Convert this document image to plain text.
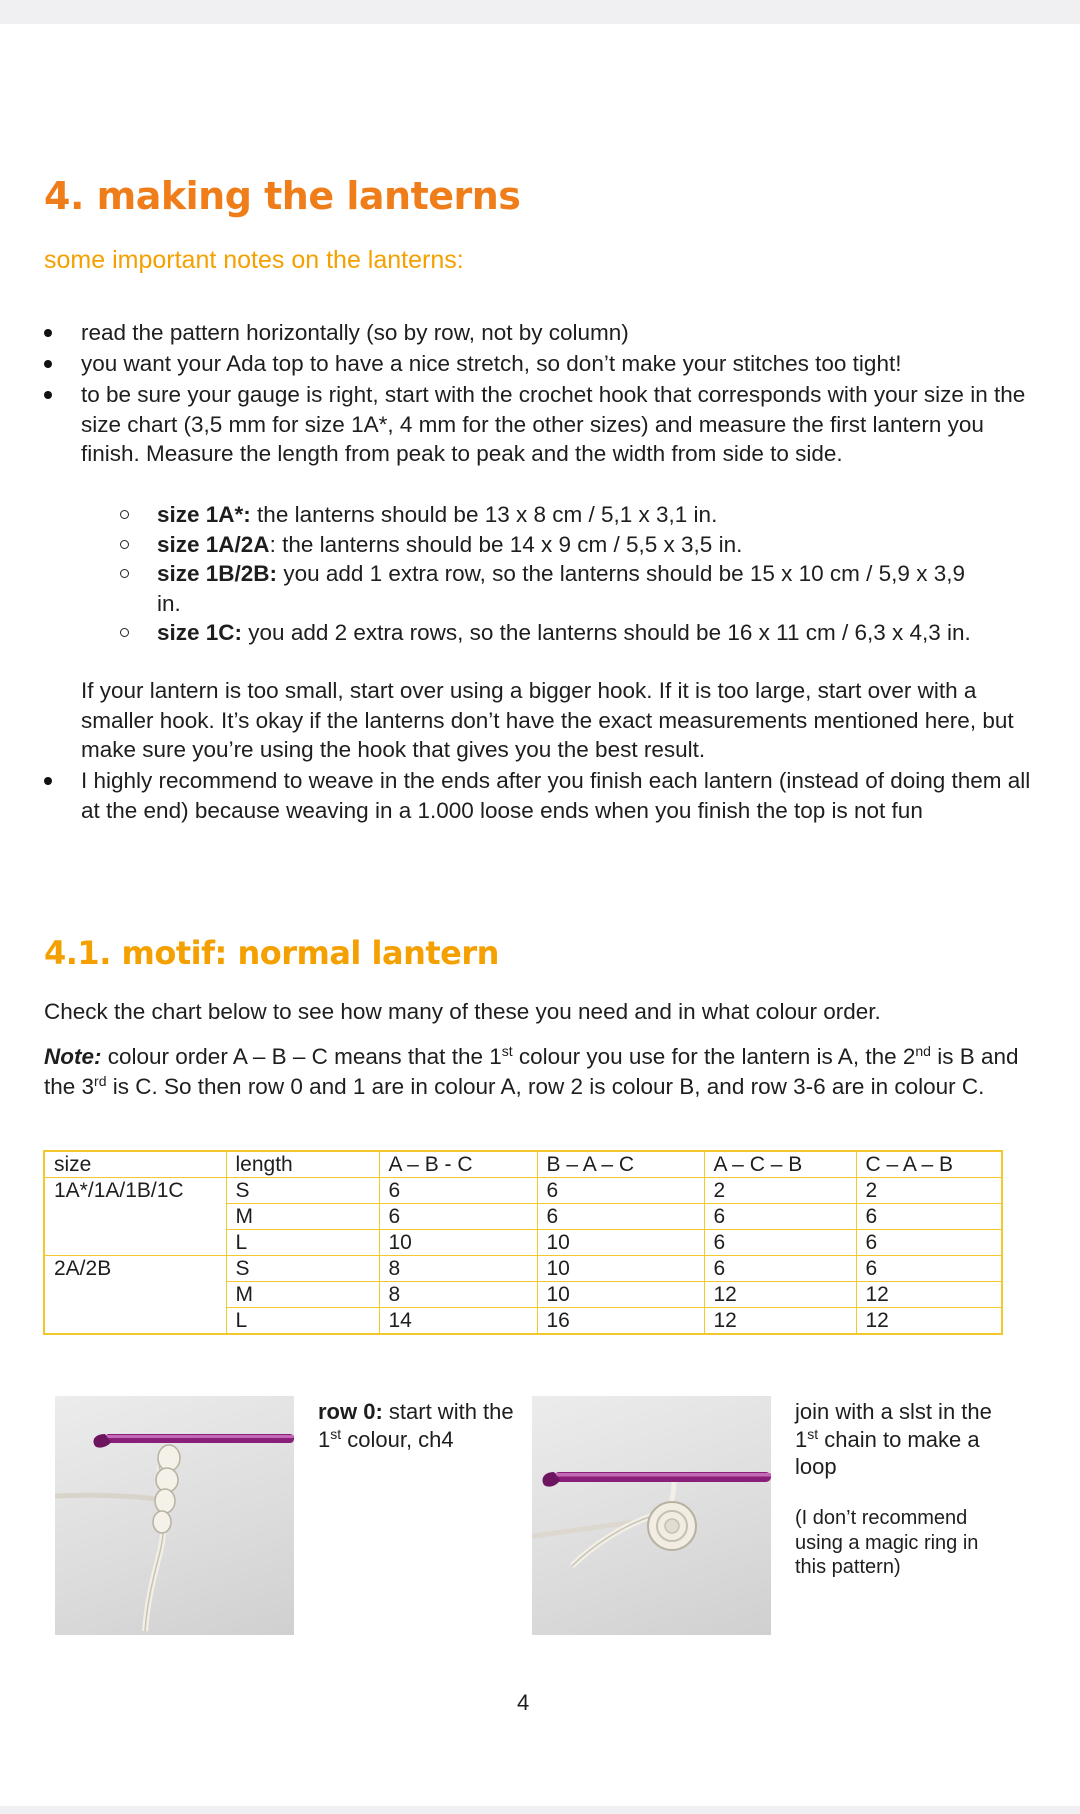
4. making the lanterns
some important notes on the lanterns:
read the pattern horizontally (so by row, not by column)
you want your Ada top to have a nice stretch, so don’t make your stitches too tight!
to be sure your gauge is right, start with the crochet hook that corresponds with your size in the size chart (3,5 mm for size 1A*, 4 mm for the other sizes) and measure the first lantern you finish. Measure the length from peak to peak and the width from side to side.
size 1A*: the lanterns should be 13 x 8 cm / 5,1 x 3,1 in.
size 1A/2A: the lanterns should be 14 x 9 cm / 5,5 x 3,5 in.
size 1B/2B: you add 1 extra row, so the lanterns should be 15 x 10 cm / 5,9 x 3,9 in.
size 1C: you add 2 extra rows, so the lanterns should be 16 x 11 cm / 6,3 x 4,3 in.
If your lantern is too small, start over using a bigger hook. If it is too large, start over with a smaller hook. It’s okay if the lanterns don’t have the exact measurements mentioned here, but make sure you’re using the hook that gives you the best result.
I highly recommend to weave in the ends after you finish each lantern (instead of doing them all at the end) because weaving in a 1.000 loose ends when you finish the top is not fun
4.1. motif: normal lantern
Check the chart below to see how many of these you need and in what colour order.
Note: colour order A – B – C means that the 1st colour you use for the lantern is A, the 2nd is B and the 3rd is C. So then row 0 and 1 are in colour A, row 2 is colour B, and row 3-6 are in colour C.
size	length	A – B - C	B – A – C	A – C – B	C – A – B
1A*/1A/1B/1C	S	6	6	2	2
	M	6	6	6	6
	L	10	10	6	6
2A/2B	S	8	10	6	6
	M	8	10	12	12
	L	14	16	12	12
row 0: start with the 1st colour, ch4
join with a slst in the 1st chain to make a loop
(I don’t recommend using a magic ring in this pattern)
4
